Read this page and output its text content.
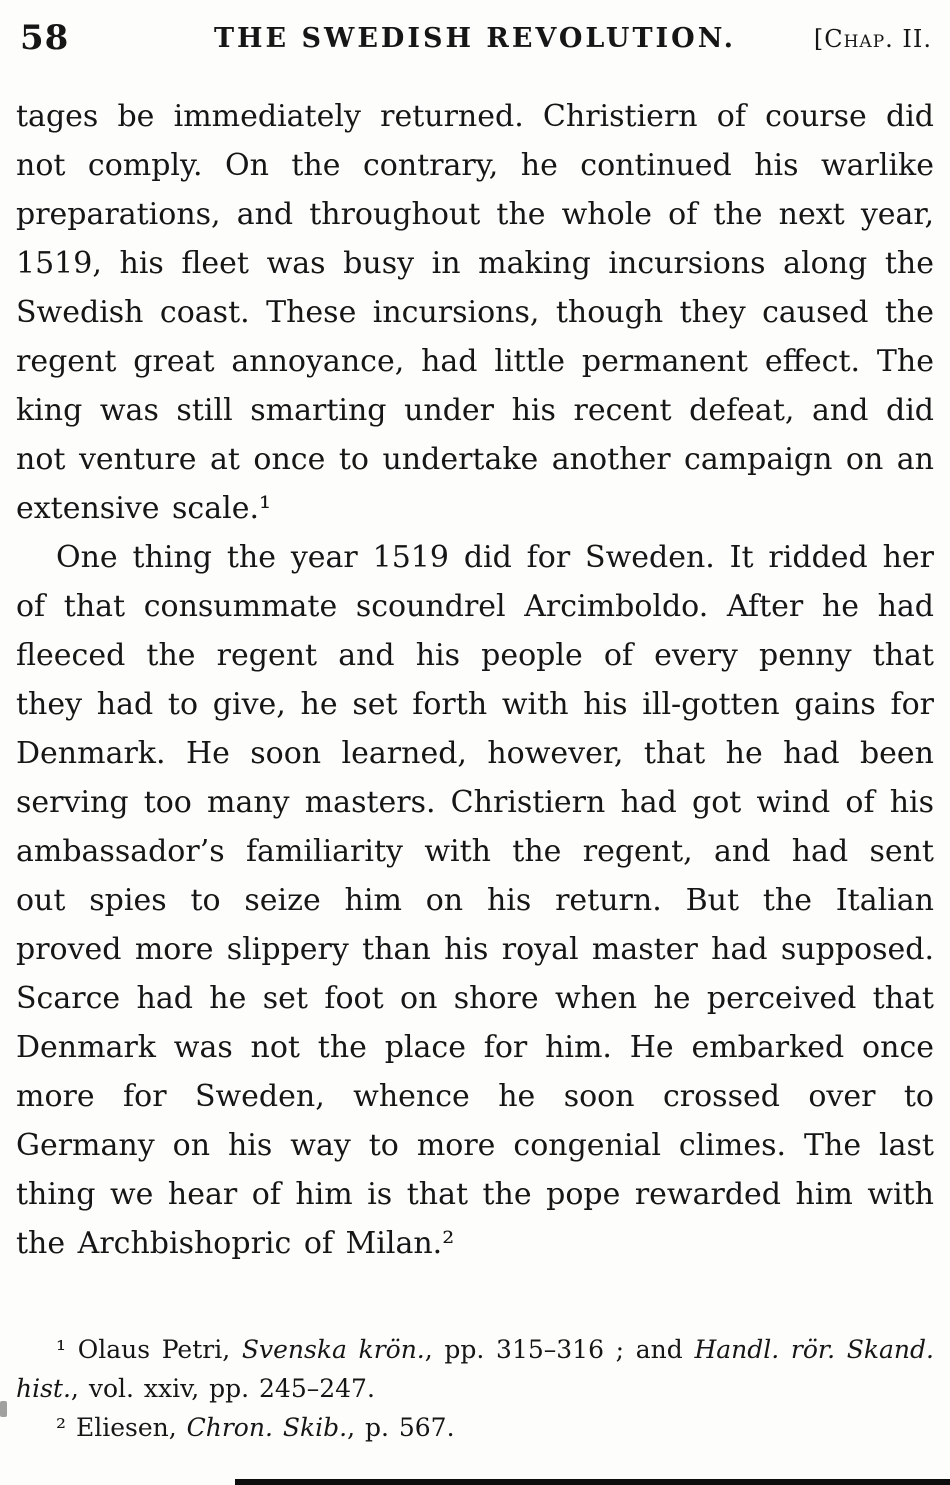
58	THE SWEDISH REVOLUTION.	[Chap. II.

tages be immediately returned. Christiern of course did not comply. On the contrary, he continued his warlike preparations, and throughout the whole of the next year, 1519, his fleet was busy in making incursions along the Swedish coast. These incursions, though they caused the regent great annoyance, had little permanent effect. The king was still smarting under his recent defeat, and did not venture at once to undertake another campaign on an extensive scale.¹

One thing the year 1519 did for Sweden. It ridded her of that consummate scoundrel Arcimboldo. After he had fleeced the regent and his people of every penny that they had to give, he set forth with his ill-gotten gains for Denmark. He soon learned, however, that he had been serving too many masters. Christiern had got wind of his ambassador’s familiarity with the regent, and had sent out spies to seize him on his return. But the Italian proved more slippery than his royal master had supposed. Scarce had he set foot on shore when he perceived that Denmark was not the place for him. He embarked once more for Sweden, whence he soon crossed over to Germany on his way to more congenial climes. The last thing we hear of him is that the pope rewarded him with the Archbishopric of Milan.²

¹ Olaus Petri, Svenska krön., pp. 315–316 ; and Handl. rör. Skand. hist., vol. xxiv, pp. 245–247.

² Eliesen, Chron. Skib., p. 567.
